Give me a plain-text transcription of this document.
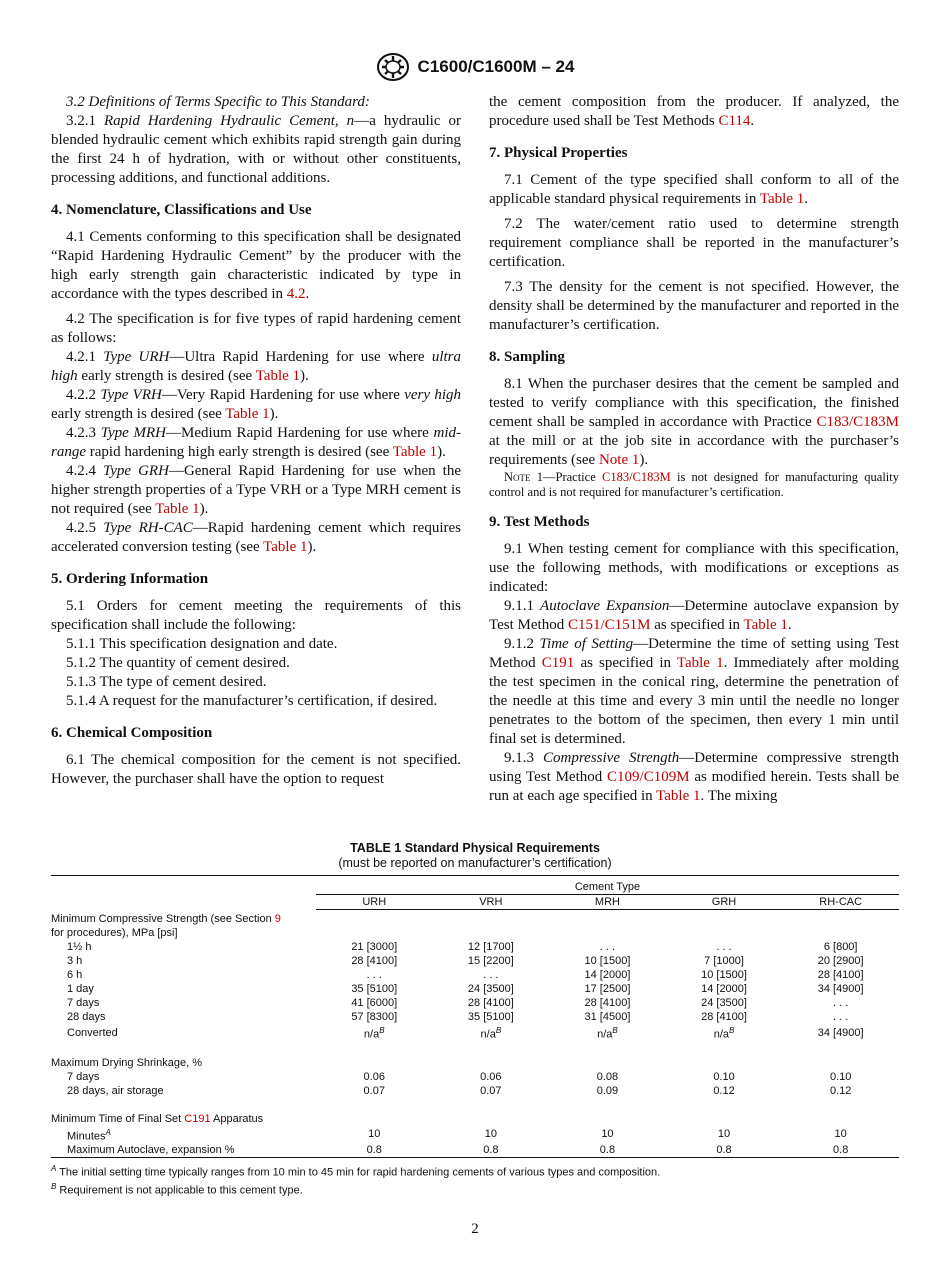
C1600/C1600M – 24

3.2 Definitions of Terms Specific to This Standard:

3.2.1 Rapid Hardening Hydraulic Cement, n—a hydraulic or blended hydraulic cement which exhibits rapid strength gain during the first 24 h of hydration, with or without other constituents, processing additions, and functional additions.

4. Nomenclature, Classifications and Use

4.1 Cements conforming to this specification shall be designated “Rapid Hardening Hydraulic Cement” by the producer with the high early strength gain characteristic indicated by type in accordance with the types described in 4.2.

4.2 The specification is for five types of rapid hardening cement as follows:

4.2.1 Type URH—Ultra Rapid Hardening for use where ultra high early strength is desired (see Table 1).

4.2.2 Type VRH—Very Rapid Hardening for use where very high early strength is desired (see Table 1).

4.2.3 Type MRH—Medium Rapid Hardening for use where mid-range rapid hardening high early strength is desired (see Table 1).

4.2.4 Type GRH—General Rapid Hardening for use when the higher strength properties of a Type VRH or a Type MRH cement is not required (see Table 1).

4.2.5 Type RH-CAC—Rapid hardening cement which requires accelerated conversion testing (see Table 1).

5. Ordering Information

5.1 Orders for cement meeting the requirements of this specification shall include the following:

5.1.1 This specification designation and date.

5.1.2 The quantity of cement desired.

5.1.3 The type of cement desired.

5.1.4 A request for the manufacturer’s certification, if desired.

6. Chemical Composition

6.1 The chemical composition for the cement is not specified. However, the purchaser shall have the option to request

the cement composition from the producer. If analyzed, the procedure used shall be Test Methods C114.

7. Physical Properties

7.1 Cement of the type specified shall conform to all of the applicable standard physical requirements in Table 1.

7.2 The water/cement ratio used to determine strength requirement compliance shall be reported in the manufacturer’s certification.

7.3 The density for the cement is not specified. However, the density shall be determined by the manufacturer and reported in the manufacturer’s certification.

8. Sampling

8.1 When the purchaser desires that the cement be sampled and tested to verify compliance with this specification, the finished cement shall be sampled in accordance with Practice C183/C183M at the mill or at the job site in accordance with the purchaser’s requirements (see Note 1).

Note 1—Practice C183/C183M is not designed for manufacturing quality control and is not required for manufacturer’s certification.

9. Test Methods

9.1 When testing cement for compliance with this specification, use the following methods, with modifications or exceptions as indicated:

9.1.1 Autoclave Expansion—Determine autoclave expansion by Test Method C151/C151M as specified in Table 1.

9.1.2 Time of Setting—Determine the time of setting using Test Method C191 as specified in Table 1. Immediately after molding the test specimen in the conical ring, determine the penetration of the needle at this time and every 3 min until the needle no longer penetrates to the bottom of the specimen, then every 1 min until final set is determined.

9.1.3 Compressive Strength—Determine compressive strength using Test Method C109/C109M as modified herein. Tests shall be run at each age specified in Table 1. The mixing

TABLE 1 Standard Physical Requirements
(must be reported on manufacturer’s certification)

	Cement Type				
	URH	VRH	MRH	GRH	RH-CAC
Minimum Compressive Strength (see Section 9					
for procedures), MPa [psi]					
1½ h	21 [3000]	12 [1700]	. . .	. . .	6 [800]
3 h	28 [4100]	15 [2200]	10 [1500]	7 [1000]	20 [2900]
6 h	. . .	. . .	14 [2000]	10 [1500]	28 [4100]
1 day	35 [5100]	24 [3500]	17 [2500]	14 [2000]	34 [4900]
7 days	41 [6000]	28 [4100]	28 [4100]	24 [3500]	. . .
28 days	57 [8300]	35 [5100]	31 [4500]	28 [4100]	. . .
Converted	$n/a^B$	$n/a^B$	$n/a^B$	$n/a^B$	34 [4900]

Maximum Drying Shrinkage, %					
7 days	0.06	0.06	0.08	0.10	0.10
28 days, air storage	0.07	0.07	0.09	0.12	0.12

Minimum Time of Final Set C191 Apparatus					
Minutes$^A$	10	10	10	10	10
Maximum Autoclave, expansion %	0.8	0.8	0.8	0.8	0.8
$^A$ The initial setting time typically ranges from 10 min to 45 min for rapid hardening cements of various types and composition.
$^B$ Requirement is not applicable to this cement type.
2
